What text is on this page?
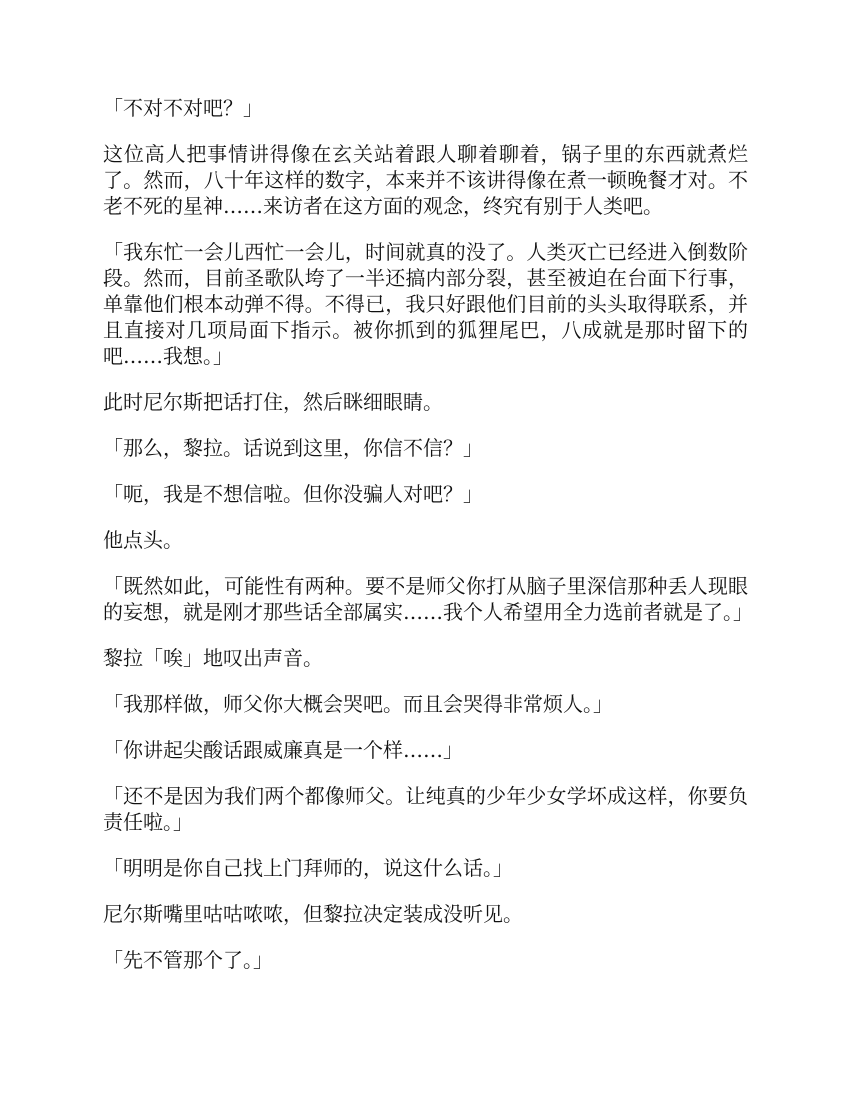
「不对不对吧？」

这位高人把事情讲得像在玄关站着跟人聊着聊着，锅子里的东西就煮烂了。然而，八十年这样的数字，本来并不该讲得像在煮一顿晚餐才对。不老不死的星神……来访者在这方面的观念，终究有别于人类吧。

「我东忙一会儿西忙一会儿，时间就真的没了。人类灭亡已经进入倒数阶段。然而，目前圣歌队垮了一半还搞内部分裂，甚至被迫在台面下行事，单靠他们根本动弹不得。不得已，我只好跟他们目前的头头取得联系，并且直接对几项局面下指示。被你抓到的狐狸尾巴，八成就是那时留下的吧……我想。」

此时尼尔斯把话打住，然后眯细眼睛。

「那么，黎拉。话说到这里，你信不信？」

「呃，我是不想信啦。但你没骗人对吧？」

他点头。

「既然如此，可能性有两种。要不是师父你打从脑子里深信那种丢人现眼的妄想，就是刚才那些话全部属实……我个人希望用全力选前者就是了。」

黎拉「唉」地叹出声音。

「我那样做，师父你大概会哭吧。而且会哭得非常烦人。」

「你讲起尖酸话跟威廉真是一个样……」

「还不是因为我们两个都像师父。让纯真的少年少女学坏成这样，你要负责任啦。」

「明明是你自己找上门拜师的，说这什么话。」

尼尔斯嘴里咕咕哝哝，但黎拉决定装成没听见。

「先不管那个了。」
